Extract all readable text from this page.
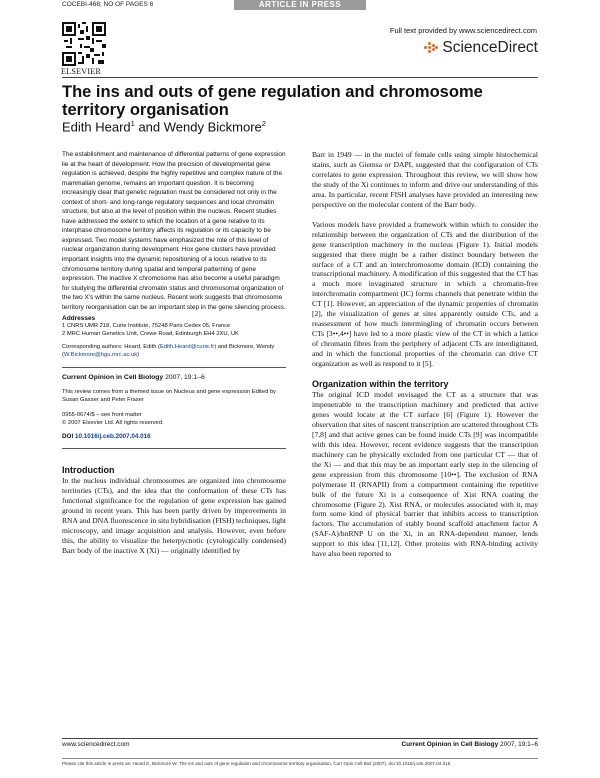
COCEBI-468; NO OF PAGES 6	ARTICLE IN PRESS
ELSEVIER
Full text provided by www.sciencedirect.com
ScienceDirect
The ins and outs of gene regulation and chromosome territory organisation
Edith Heard$^1$ and Wendy Bickmore$^2$
The establishment and maintenance of differential patterns of gene expression lie at the heart of development. How the precision of developmental gene regulation is achieved, despite the highly repetitive and complex nature of the mammalian genome, remains an important question. It is becoming increasingly clear that genetic regulation must be considered not only in the context of short- and long-range regulatory sequences and local chromatin structure, but also at the level of position within the nucleus. Recent studies have addressed the extent to which the location of a gene relative to its interphase chromosome territory affects its regulation or its capacity to be expressed. Two model systems have emphasized the role of this level of nuclear organization during development. Hox gene clusters have provided important insights into the dynamic repositioning of a locus relative to its chromosome territory during spatial and temporal patterning of gene expression. The inactive X chromosome has also become a useful paradigm for studying the differential chromatin status and chromosomal organization of the two X's within the same nucleus. Recent work suggests that chromosome territory reorganisation can be an important step in the gene silencing process.
Addresses
1 CNRS UMR 218, Curie Institute, 75248 Paris Cedex 05, France
2 MRC Human Genetics Unit, Crewe Road, Edinburgh EH4 2XU, UK
Corresponding authors: Heard, Edith (Edith.Heard@curie.fr) and Bickmore, Wendy (W.Bickmore@hgu.mrc.ac.uk)
Current Opinion in Cell Biology 2007, 19:1–6
This review comes from a themed issue on Nucleus and gene expression Edited by Susan Gasser and Peter Fraser
0955-0674/$ – see front matter
© 2007 Elsevier Ltd. All rights reserved.
DOI 10.1016/j.ceb.2007.04.016
Introduction
In the nucleus individual chromosomes are organized into chromosome territories (CTs), and the idea that the conformation of these CTs has functional significance for the regulation of gene expression has gained ground in recent years. This has been partly driven by improvements in RNA and DNA fluorescence in situ hybridisation (FISH) techniques, light microscopy, and image acquisition and analysis. However, even before this, the ability to visualize the heterpycnotic (cytologically condensed) Barr body of the inactive X (Xi) — originally identified by
Barr in 1949 — in the nuclei of female cells using simple histochemical stains, such as Giemsa or DAPI, suggested that the configuration of CTs correlates to gene expression. Throughout this review, we will show how the study of the Xi continues to inform and drive our understanding of this area. In particular, recent FISH analyses have provided an interesting new perspective on the molecular content of the Barr body.
Various models have provided a framework within which to consider the relationship between the organization of CTs and the distribution of the gene transcription machinery in the nucleus (Figure 1). Initial models suggested that there might be a rather distinct boundary between the surface of a CT and an interchromosome domain (ICD) containing the transcriptional machinery. A modification of this suggested that the CT has a much more invaginated structure in which a chromatin-free interchromatin compartment (IC) forms channels that penetrate within the CT [1]. However, an appreciation of the dynamic properties of chromatin [2], the visualization of genes at sites apparently outside CTs, and a reassessment of how much intermingling of chromatin occurs between CTs [3••,4••] have led to a more plastic view of the CT in which a lattice of chromatin fibres from the periphery of adjacent CTs are interdigitated, and in which the functional properties of the chromatin can drive CT organization as well as respond to it [5].
Organization within the territory
The original ICD model envisaged the CT as a structure that was impenetrable to the transcription machinery and predicted that active genes would locate at the CT surface [6] (Figure 1). However the observation that sites of nascent transcription are scattered throughout CTs [7,8] and that active genes can be found inside CTs [9] was incompatible with this idea. However, recent evidence suggests that the transcription machinery can be physically excluded from one particular CT — that of the Xi — and that this may be an important early step in the silencing of gene expression from this chromosome [10••]. The exclusion of RNA polymerase II (RNAPII) from a compartment containing the repetitive bulk of the future Xi is a consequence of Xist RNA coating the chromosome (Figure 2). Xist RNA, or molecules associated with it, may form some kind of physical barrier that inhibits access to transcription factors. The accumulation of stably bound scaffold attachment factor A (SAF-A)/hnRNP U on the Xi, in an RNA-dependent manner, lends support to this idea [11,12]. Other proteins with RNA-binding activity have also been reported to
www.sciencedirect.com	Current Opinion in Cell Biology 2007, 19:1–6
Please cite this article in press as: Heard E, Bickmore W, The ins and outs of gene regulation and chromosome territory organisation, Curr Opin Cell Biol (2007), doi:10.1016/j.ceb.2007.04.016
